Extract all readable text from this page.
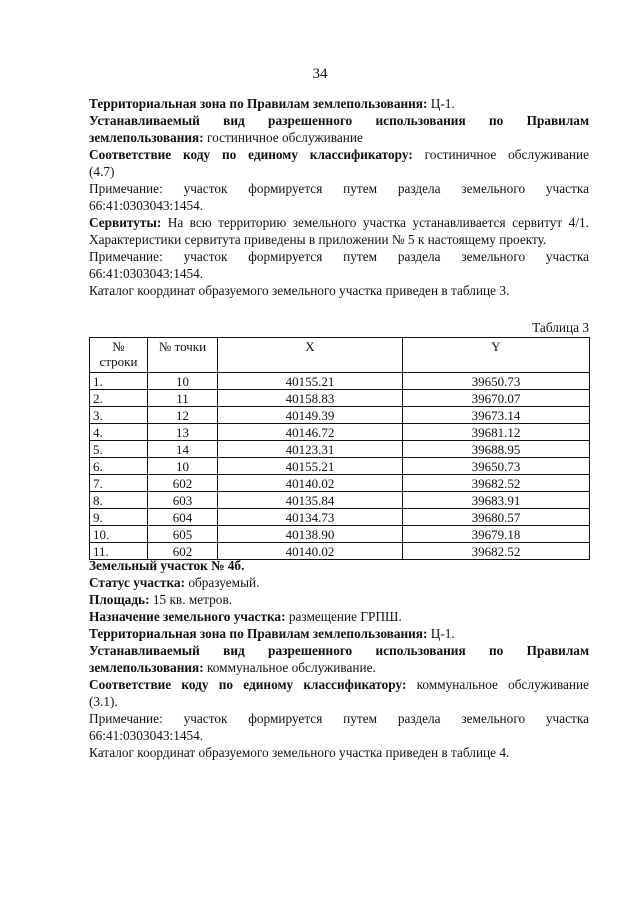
34

Территориальная зона по Правилам землепользования: Ц-1.

Устанавливаемый вид разрешенного использования по Правилам

землепользования: гостиничное обслуживание

Соответствие коду по единому классификатору: гостиничное обслуживание

(4.7)

Примечание: участок формируется путем раздела земельного участка

66:41:0303043:1454.

Сервитуты: На всю территорию земельного участка устанавливается сервитут 4/1.

Характеристики сервитута приведены в приложении № 5 к настоящему проекту.

Примечание: участок формируется путем раздела земельного участка

66:41:0303043:1454.

Каталог координат образуемого земельного участка приведен в таблице 3.

Таблица 3

№
строки	№ точки	X	Y
1.	10	40155.21	39650.73
2.	11	40158.83	39670.07
3.	12	40149.39	39673.14
4.	13	40146.72	39681.12
5.	14	40123.31	39688.95
6.	10	40155.21	39650.73
7.	602	40140.02	39682.52
8.	603	40135.84	39683.91
9.	604	40134.73	39680.57
10.	605	40138.90	39679.18
11.	602	40140.02	39682.52

Земельный участок № 4б.

Статус участка: образуемый.

Площадь: 15 кв. метров.

Назначение земельного участка: размещение ГРПШ.

Территориальная зона по Правилам землепользования: Ц-1.

Устанавливаемый вид разрешенного использования по Правилам

землепользования: коммунальное обслуживание.

Соответствие коду по единому классификатору: коммунальное обслуживание

(3.1).

Примечание: участок формируется путем раздела земельного участка

66:41:0303043:1454.

Каталог координат образуемого земельного участка приведен в таблице 4.
